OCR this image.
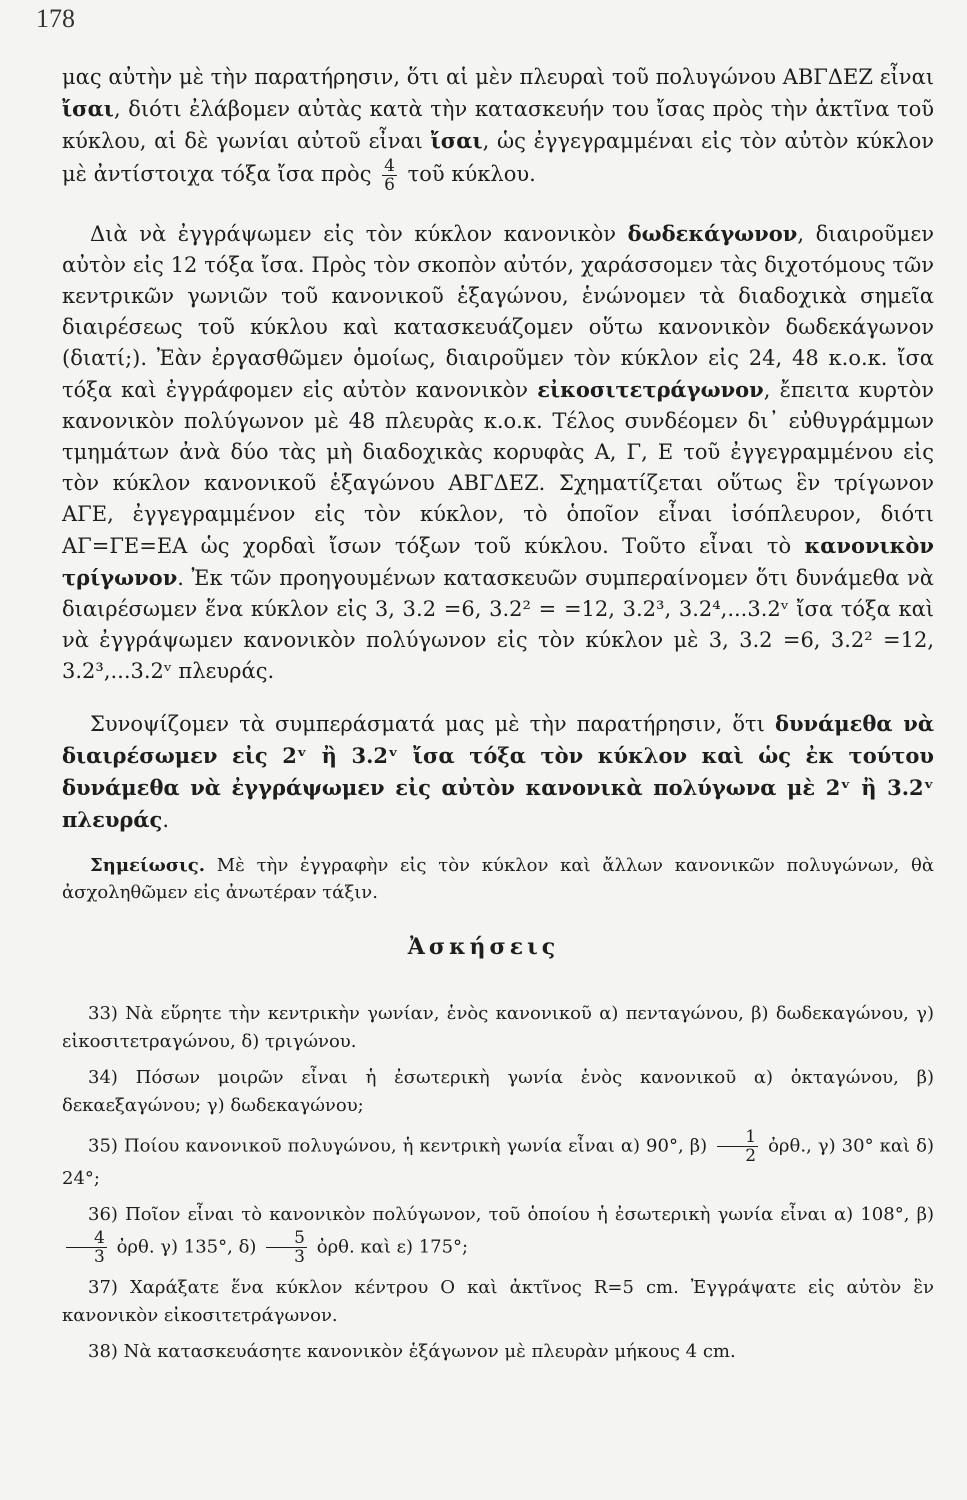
178

μας αὐτὴν μὲ τὴν παρατήρησιν, ὅτι αἱ μὲν πλευραὶ τοῦ πολυγώνου ΑΒΓΔΕΖ εἶναι ἴσαι, διότι ἐλάβομεν αὐτὰς κατὰ τὴν κατασκευήν του ἴσας πρὸς τὴν ἀκτῖνα τοῦ κύκλου, αἱ δὲ γωνίαι αὐτοῦ εἶναι ἴσαι, ὡς ἐγγεγραμμέναι εἰς τὸν αὐτὸν κύκλον μὲ ἀντίστοιχα τόξα ἴσα πρὸς $\frac{4}{6}$ τοῦ κύκλου.

Διὰ νὰ ἐγγράψωμεν εἰς τὸν κύκλον κανονικὸν δωδεκάγωνον, διαιροῦμεν αὐτὸν εἰς 12 τόξα ἴσα. Πρὸς τὸν σκοπὸν αὐτόν, χαράσσομεν τὰς διχοτόμους τῶν κεντρικῶν γωνιῶν τοῦ κανονικοῦ ἑξαγώνου, ἑνώνομεν τὰ διαδοχικὰ σημεῖα διαιρέσεως τοῦ κύκλου καὶ κατασκευάζομεν οὕτω κανονικὸν δωδεκάγωνον (διατί;). Ἐὰν ἐργασθῶμεν ὁμοίως, διαιροῦμεν τὸν κύκλον εἰς 24, 48 κ.ο.κ. ἴσα τόξα καὶ ἐγγράφομεν εἰς αὐτὸν κανονικὸν εἰκοσιτετράγωνον, ἔπειτα κυρτὸν κανονικὸν πολύγωνον μὲ 48 πλευρὰς κ.ο.κ. Τέλος συνδέομεν δι᾿ εὐθυγράμμων τμημάτων ἀνὰ δύο τὰς μὴ διαδοχικὰς κορυφὰς Α, Γ, Ε τοῦ ἐγγεγραμμένου εἰς τὸν κύκλον κανονικοῦ ἑξαγώνου ΑΒΓΔΕΖ. Σχηματίζεται οὕτως ἓν τρίγωνον ΑΓΕ, ἐγγεγραμμένον εἰς τὸν κύκλον, τὸ ὁποῖον εἶναι ἰσόπλευρον, διότι ΑΓ=ΓΕ=ΕΑ ὡς χορδαὶ ἴσων τόξων τοῦ κύκλου. Τοῦτο εἶναι τὸ κανονικὸν τρίγωνον. Ἐκ τῶν προηγουμένων κατασκευῶν συμπεραίνομεν ὅτι δυνάμεθα νὰ διαιρέσωμεν ἕνα κύκλον εἰς 3, 3.2 =6, 3.2² = =12, 3.2³, 3.2⁴,...3.2ᵛ ἴσα τόξα καὶ νὰ ἐγγράψωμεν κανονικὸν πολύγωνον εἰς τὸν κύκλον μὲ 3, 3.2 =6, 3.2² =12, 3.2³,...3.2ᵛ πλευράς.

Συνοψίζομεν τὰ συμπεράσματά μας μὲ τὴν παρατήρησιν, ὅτι δυνάμεθα νὰ διαιρέσωμεν εἰς 2ᵛ ἢ 3.2ᵛ ἴσα τόξα τὸν κύκλον καὶ ὡς ἐκ τούτου δυνάμεθα νὰ ἐγγράψωμεν εἰς αὐτὸν κανονικὰ πολύγωνα μὲ 2ᵛ ἢ 3.2ᵛ πλευράς.

Σημείωσις. Μὲ τὴν ἐγγραφὴν εἰς τὸν κύκλον καὶ ἄλλων κανονικῶν πολυγώνων, θὰ ἀσχοληθῶμεν εἰς ἀνωτέραν τάξιν.
Ἀσκήσεις

33) Νὰ εὕρητε τὴν κεντρικὴν γωνίαν, ἑνὸς κανονικοῦ α) πενταγώνου, β) δωδεκαγώνου, γ) εἰκοσιτετραγώνου, δ) τριγώνου.

34) Πόσων μοιρῶν εἶναι ἡ ἐσωτερικὴ γωνία ἑνὸς κανονικοῦ α) ὀκταγώνου, β) δεκαεξαγώνου; γ) δωδεκαγώνου;

35) Ποίου κανονικοῦ πολυγώνου, ἡ κεντρικὴ γωνία εἶναι α) 90°, $\beta) \frac{1}{2}$ ὀρθ., γ) 30° καὶ δ) 24°;

36) Ποῖον εἶναι τὸ κανονικὸν πολύγωνον, τοῦ ὁποίου ἡ ἐσωτερικὴ γωνία εἶναι α) 108°, β)
$\frac{4}{3}$ ὀρθ. γ) 135°, $\delta) \frac{5}{3}$ ὀρθ. καὶ ε) 175°;

37) Χαράξατε ἕνα κύκλον κέντρου Ο καὶ ἀκτῖνος R=5 cm. Ἐγγράψατε εἰς αὐτὸν ἓν κανονικὸν εἰκοσιτετράγωνον.

38) Νὰ κατασκευάσητε κανονικὸν ἑξάγωνον μὲ πλευρὰν μήκους 4 cm.
